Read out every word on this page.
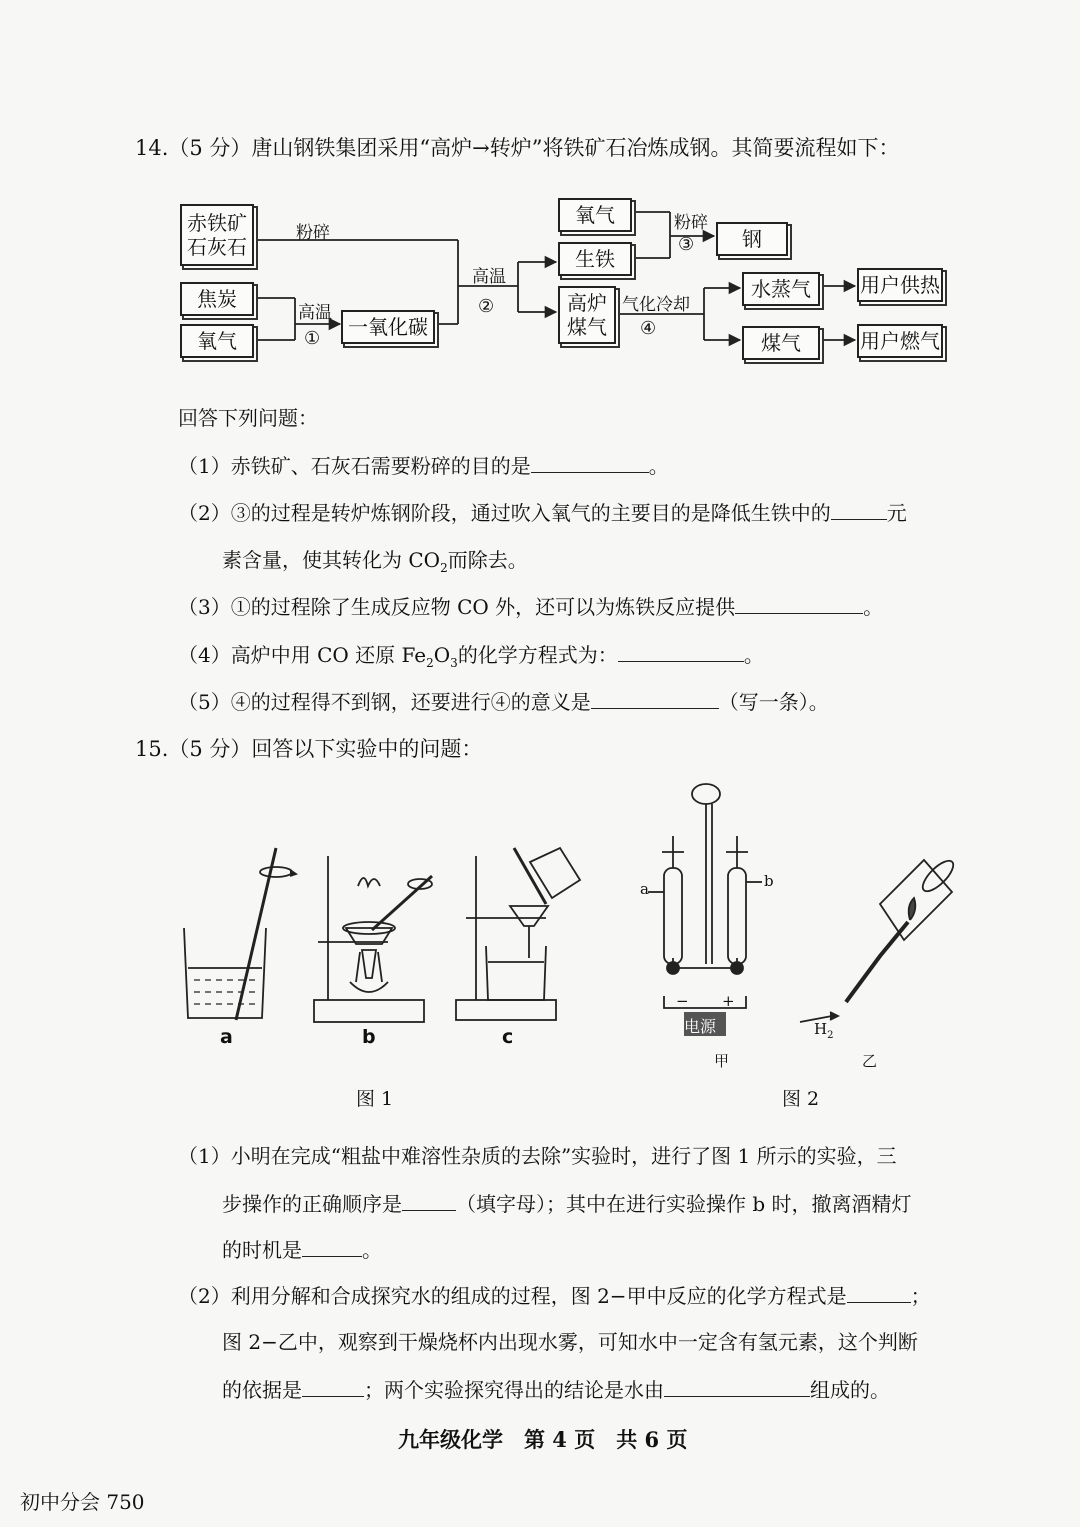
14.（5 分）唐山钢铁集团采用“高炉→转炉”将铁矿石冶炼成钢。其简要流程如下：
赤铁矿
石灰石
粉碎
焦炭
氧气
高温
① 一氧化碳
高温
②
氧气
生铁
粉碎
③ 钢
高炉
煤气
气化冷却
④
水蒸气 用户供热
煤气	用户燃气
回答下列问题：
（1）赤铁矿、石灰石需要粉碎的目的是	。
（2）③的过程是转炉炼钢阶段，通过吹入氧气的主要目的是降低生铁中的	元
素含量，使其转化为 $CO_2$而除去。
（3）①的过程除了生成反应物 CO 外，还可以为炼铁反应提供	。
（4）高炉中用 CO 还原 $Fe_2O_3$的化学方程式为：	。
（5）④的过程得不到钢，还要进行④的意义是	（写一条）。
15.（5 分）回答以下实验中的问题：
a	b	c
图 1
a	b
− +
电源
甲
$H_2$
乙
图 2
（1）小明在完成“粗盐中难溶性杂质的去除”实验时，进行了图 1 所示的实验，三
步操作的正确顺序是	（填字母）；其中在进行实验操作 b 时，撤离酒精灯
的时机是	。
（2）利用分解和合成探究水的组成的过程，图 2−甲中反应的化学方程式是	；
图 2−乙中，观察到干燥烧杯内出现水雾，可知水中一定含有氢元素，这个判断
的依据是	；两个实验探究得出的结论是水由	组成的。
九年级化学　第 4 页　共 6 页
初中分会 750
